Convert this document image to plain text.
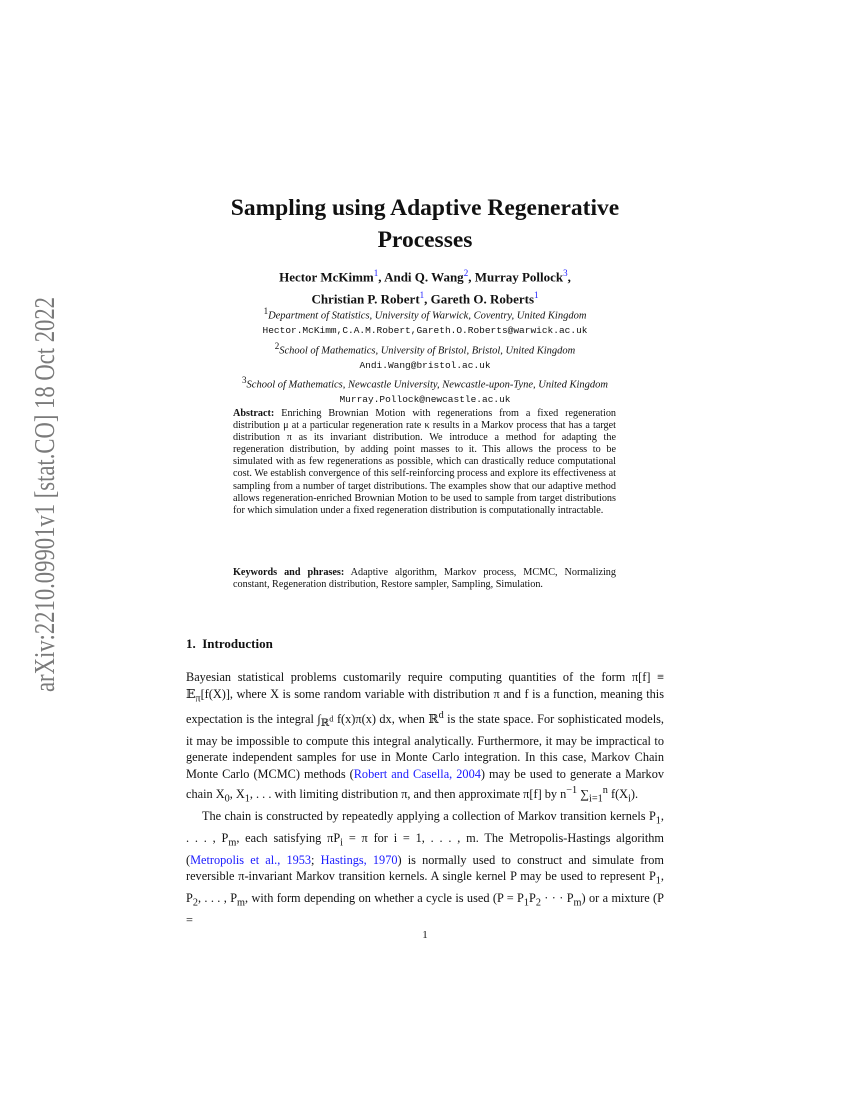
arXiv:2210.09901v1 [stat.CO] 18 Oct 2022	Sampling using Adaptive Regenerative
Processes
Hector McKimm$^1$, Andi Q. Wang$^2$, Murray Pollock$^3$,
Christian P. Robert$^1$, Gareth O. Roberts$^1$
$^1$Department of Statistics, University of Warwick, Coventry, United Kingdom
Hector.McKimm,C.A.M.Robert,Gareth.O.Roberts@warwick.ac.uk
$^2$School of Mathematics, University of Bristol, Bristol, United Kingdom
Andi.Wang@bristol.ac.uk
$^3$School of Mathematics, Newcastle University, Newcastle-upon-Tyne, United Kingdom
Murray.Pollock@newcastle.ac.uk
Abstract: Enriching Brownian Motion with regenerations from a fixed regeneration distribution μ at a particular regeneration rate κ results in a Markov process that has a target distribution π as its invariant distribution. We introduce a method for adapting the regeneration distribution, by adding point masses to it. This allows the process to be simulated with as few regenerations as possible, which can drastically reduce computational cost. We establish convergence of this self-reinforcing process and explore its effectiveness at sampling from a number of target distributions. The examples show that our adaptive method allows regeneration-enriched Brownian Motion to be used to sample from target distributions for which simulation under a fixed regeneration distribution is computationally intractable.
Keywords and phrases: Adaptive algorithm, Markov process, MCMC, Normalizing constant, Regeneration distribution, Restore sampler, Sampling, Simulation.
1. Introduction

Bayesian statistical problems customarily require computing quantities of the form π[f] ≡ 𝔼$_\pi$[f(X)], where X is some random variable with distribution π and f is a function, meaning this expectation is the integral $\int_{ℝ^d}$ f(x)π(x) dx, when ℝ$^d$ is the state space. For sophisticated models, it may be impossible to compute this integral analytically. Furthermore, it may be impractical to generate independent samples for use in Monte Carlo integration. In this case, Markov Chain Monte Carlo (MCMC) methods (Robert and Casella, 2004) may be used to generate a Markov chain $X_0$, $X_1$, . . . with limiting distribution π, and then approximate π[f] by $n^{-1}$ $\sum_{i=1}^n$ $f(X_i)$.

The chain is constructed by repeatedly applying a collection of Markov transition kernels $P_1$, . . . , $P_m$, each satisfying $\pi P_i = \pi$ for i = 1, . . . , m. The Metropolis-Hastings algorithm (Metropolis et al., 1953; Hastings, 1970) is normally used to construct and simulate from reversible π-invariant Markov transition kernels. A single kernel P may be used to represent $P_1$, $P_2$, . . . , $P_m$, with form depending on whether a cycle is used ($P = P_1P_2$ · · · $P_m$) or a mixture (P =

1
